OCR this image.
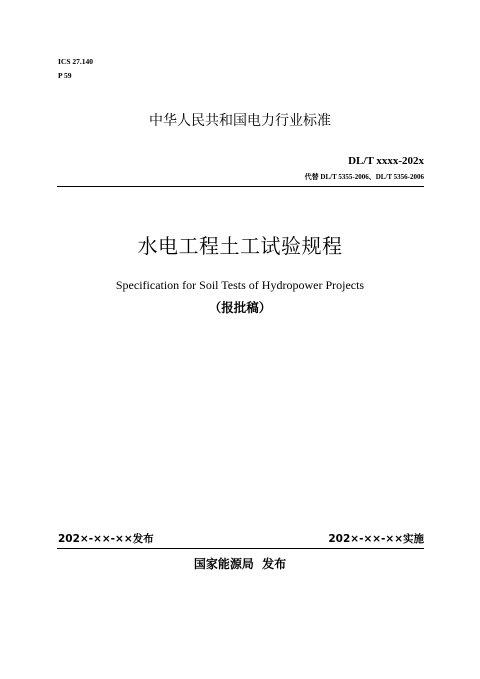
ICS 27.140
P 59
中华人民共和国电力行业标准
DL/T xxxx-202x
代替 DL/T 5355-2006、DL/T 5356-2006
水电工程土工试验规程
Specification for Soil Tests of Hydropower Projects
（报批稿）
202×-××-××发布	202×-××-××实施
国家能源局  发布
